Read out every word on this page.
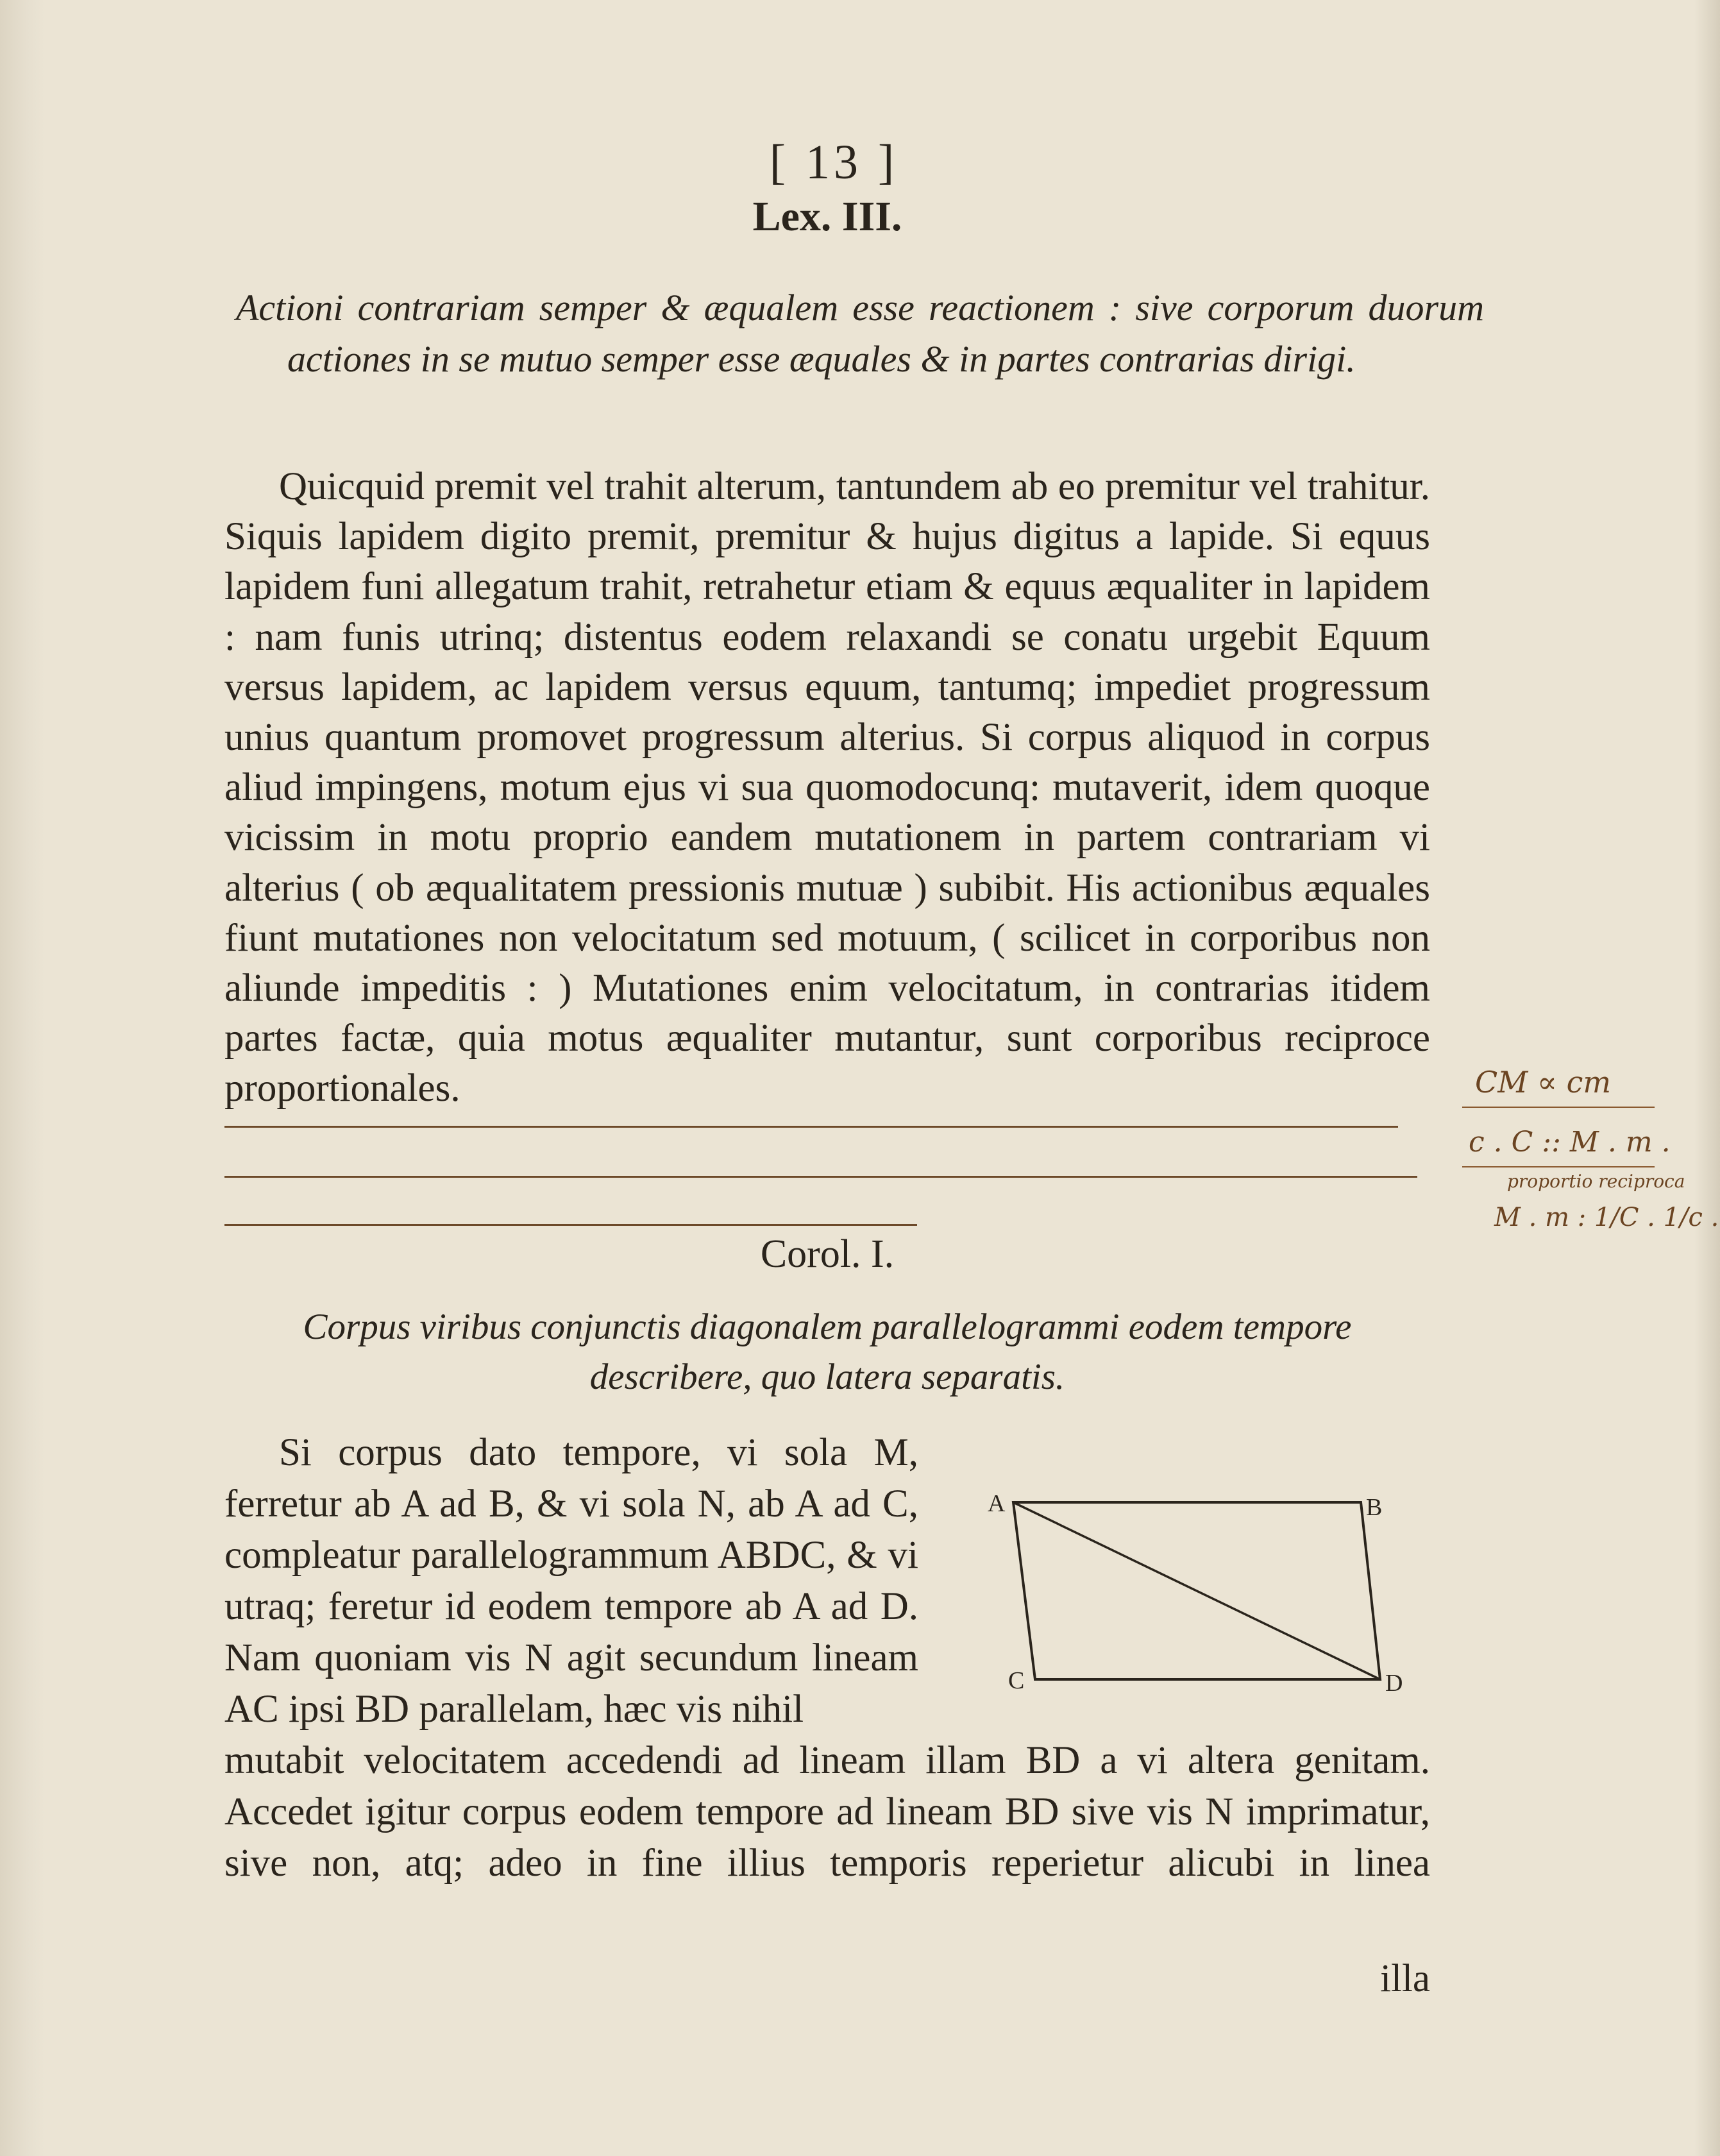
[ 13 ]
Lex. III.
Actioni contrariam semper & æqualem esse reactionem : sive corporum duorum actiones in se mutuo semper esse æquales & in partes contrarias dirigi.
Quicquid premit vel trahit alterum, tantundem ab eo premitur vel trahitur. Siquis lapidem digito premit, premitur & hujus digitus a lapide. Si equus lapidem funi allegatum trahit, retrahetur etiam & equus æqualiter in lapidem : nam funis utrinq; distentus eodem relaxandi se conatu urgebit Equum versus lapidem, ac lapidem versus equum, tantumq; impediet progressum unius quantum promovet progressum alterius. Si corpus aliquod in corpus aliud impingens, motum ejus vi sua quomodocunq: mutaverit, idem quoque vicissim in motu proprio eandem mutationem in partem contrariam vi alterius ( ob æqualitatem pressionis mutuæ ) subibit. His actionibus æquales fiunt mutationes non velocitatum sed motuum, ( scilicet in corporibus non aliunde impeditis : ) Mutationes enim velocitatum, in contrarias itidem partes factæ, quia motus æqualiter mutantur, sunt corporibus reciproce proportionales.
Corol. I.
Corpus viribus conjunctis diagonalem parallelogrammi eodem tempore describere, quo latera separatis.
Si corpus dato tempore, vi sola M, ferretur ab A ad B, & vi sola N, ab A ad C, compleatur parallelogrammum ABDC, & vi utraq; feretur id eodem tempore ab A ad D. Nam quoniam vis N agit secundum lineam AC ipsi BD parallelam, hæc vis nihil
mutabit velocitatem accedendi ad lineam illam BD a vi altera genitam. Accedet igitur corpus eodem tempore ad lineam BD sive vis N imprimatur, sive non, atq; adeo in fine illius temporis reperietur alicubi in linea
illa
A	B
C	D
CM ∝ cm
c . C :: M . m .
proportio reciproca
M . m : 1/C . 1/c .
